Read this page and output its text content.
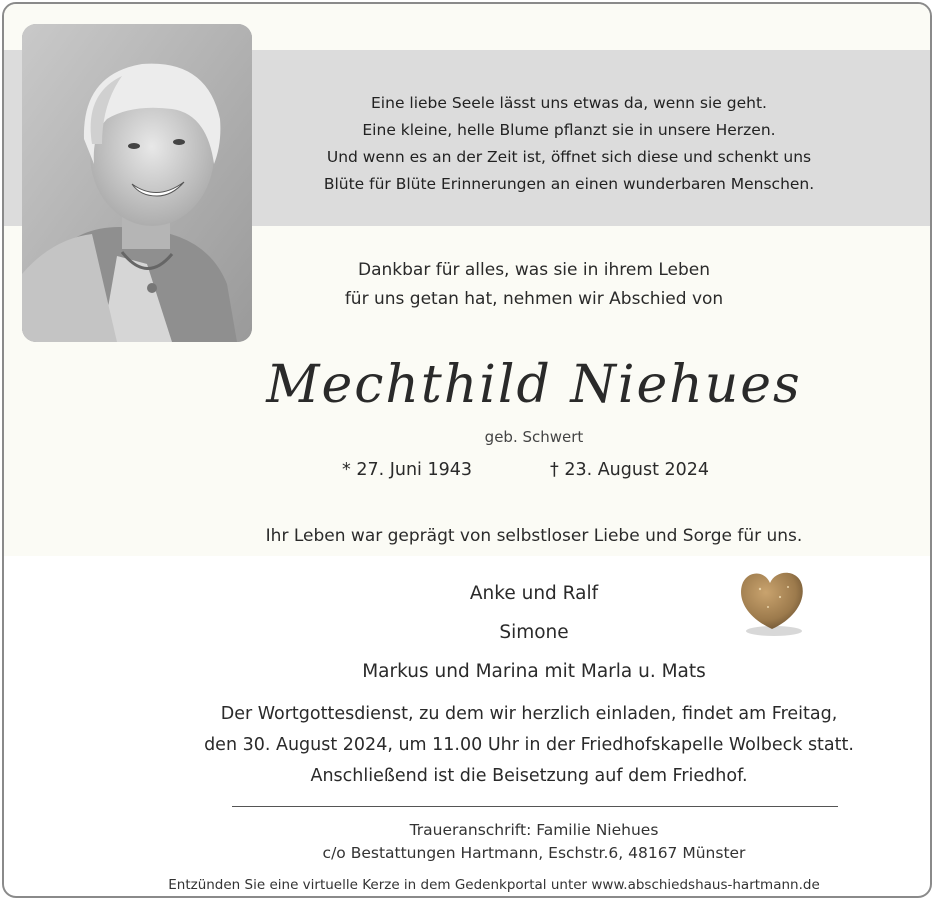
Eine liebe Seele lässt uns etwas da, wenn sie geht.
Eine kleine, helle Blume pflanzt sie in unsere Herzen.
Und wenn es an der Zeit ist, öffnet sich diese und schenkt uns
Blüte für Blüte Erinnerungen an einen wunderbaren Menschen.
Dankbar für alles, was sie in ihrem Leben
für uns getan hat, nehmen wir Abschied von
Mechthild Niehues
geb. Schwert
* 27. Juni 1943	† 23. August 2024
Ihr Leben war geprägt von selbstloser Liebe und Sorge für uns.
Anke und Ralf
Simone
Markus und Marina mit Marla u. Mats
Der Wortgottesdienst, zu dem wir herzlich einladen, findet am Freitag,
den 30. August 2024, um 11.00 Uhr in der Friedhofskapelle Wolbeck statt.
Anschließend ist die Beisetzung auf dem Friedhof.
Traueranschrift: Familie Niehues
c/o Bestattungen Hartmann, Eschstr.6, 48167 Münster
Entzünden Sie eine virtuelle Kerze in dem Gedenkportal unter www.abschiedshaus-hartmann.de
